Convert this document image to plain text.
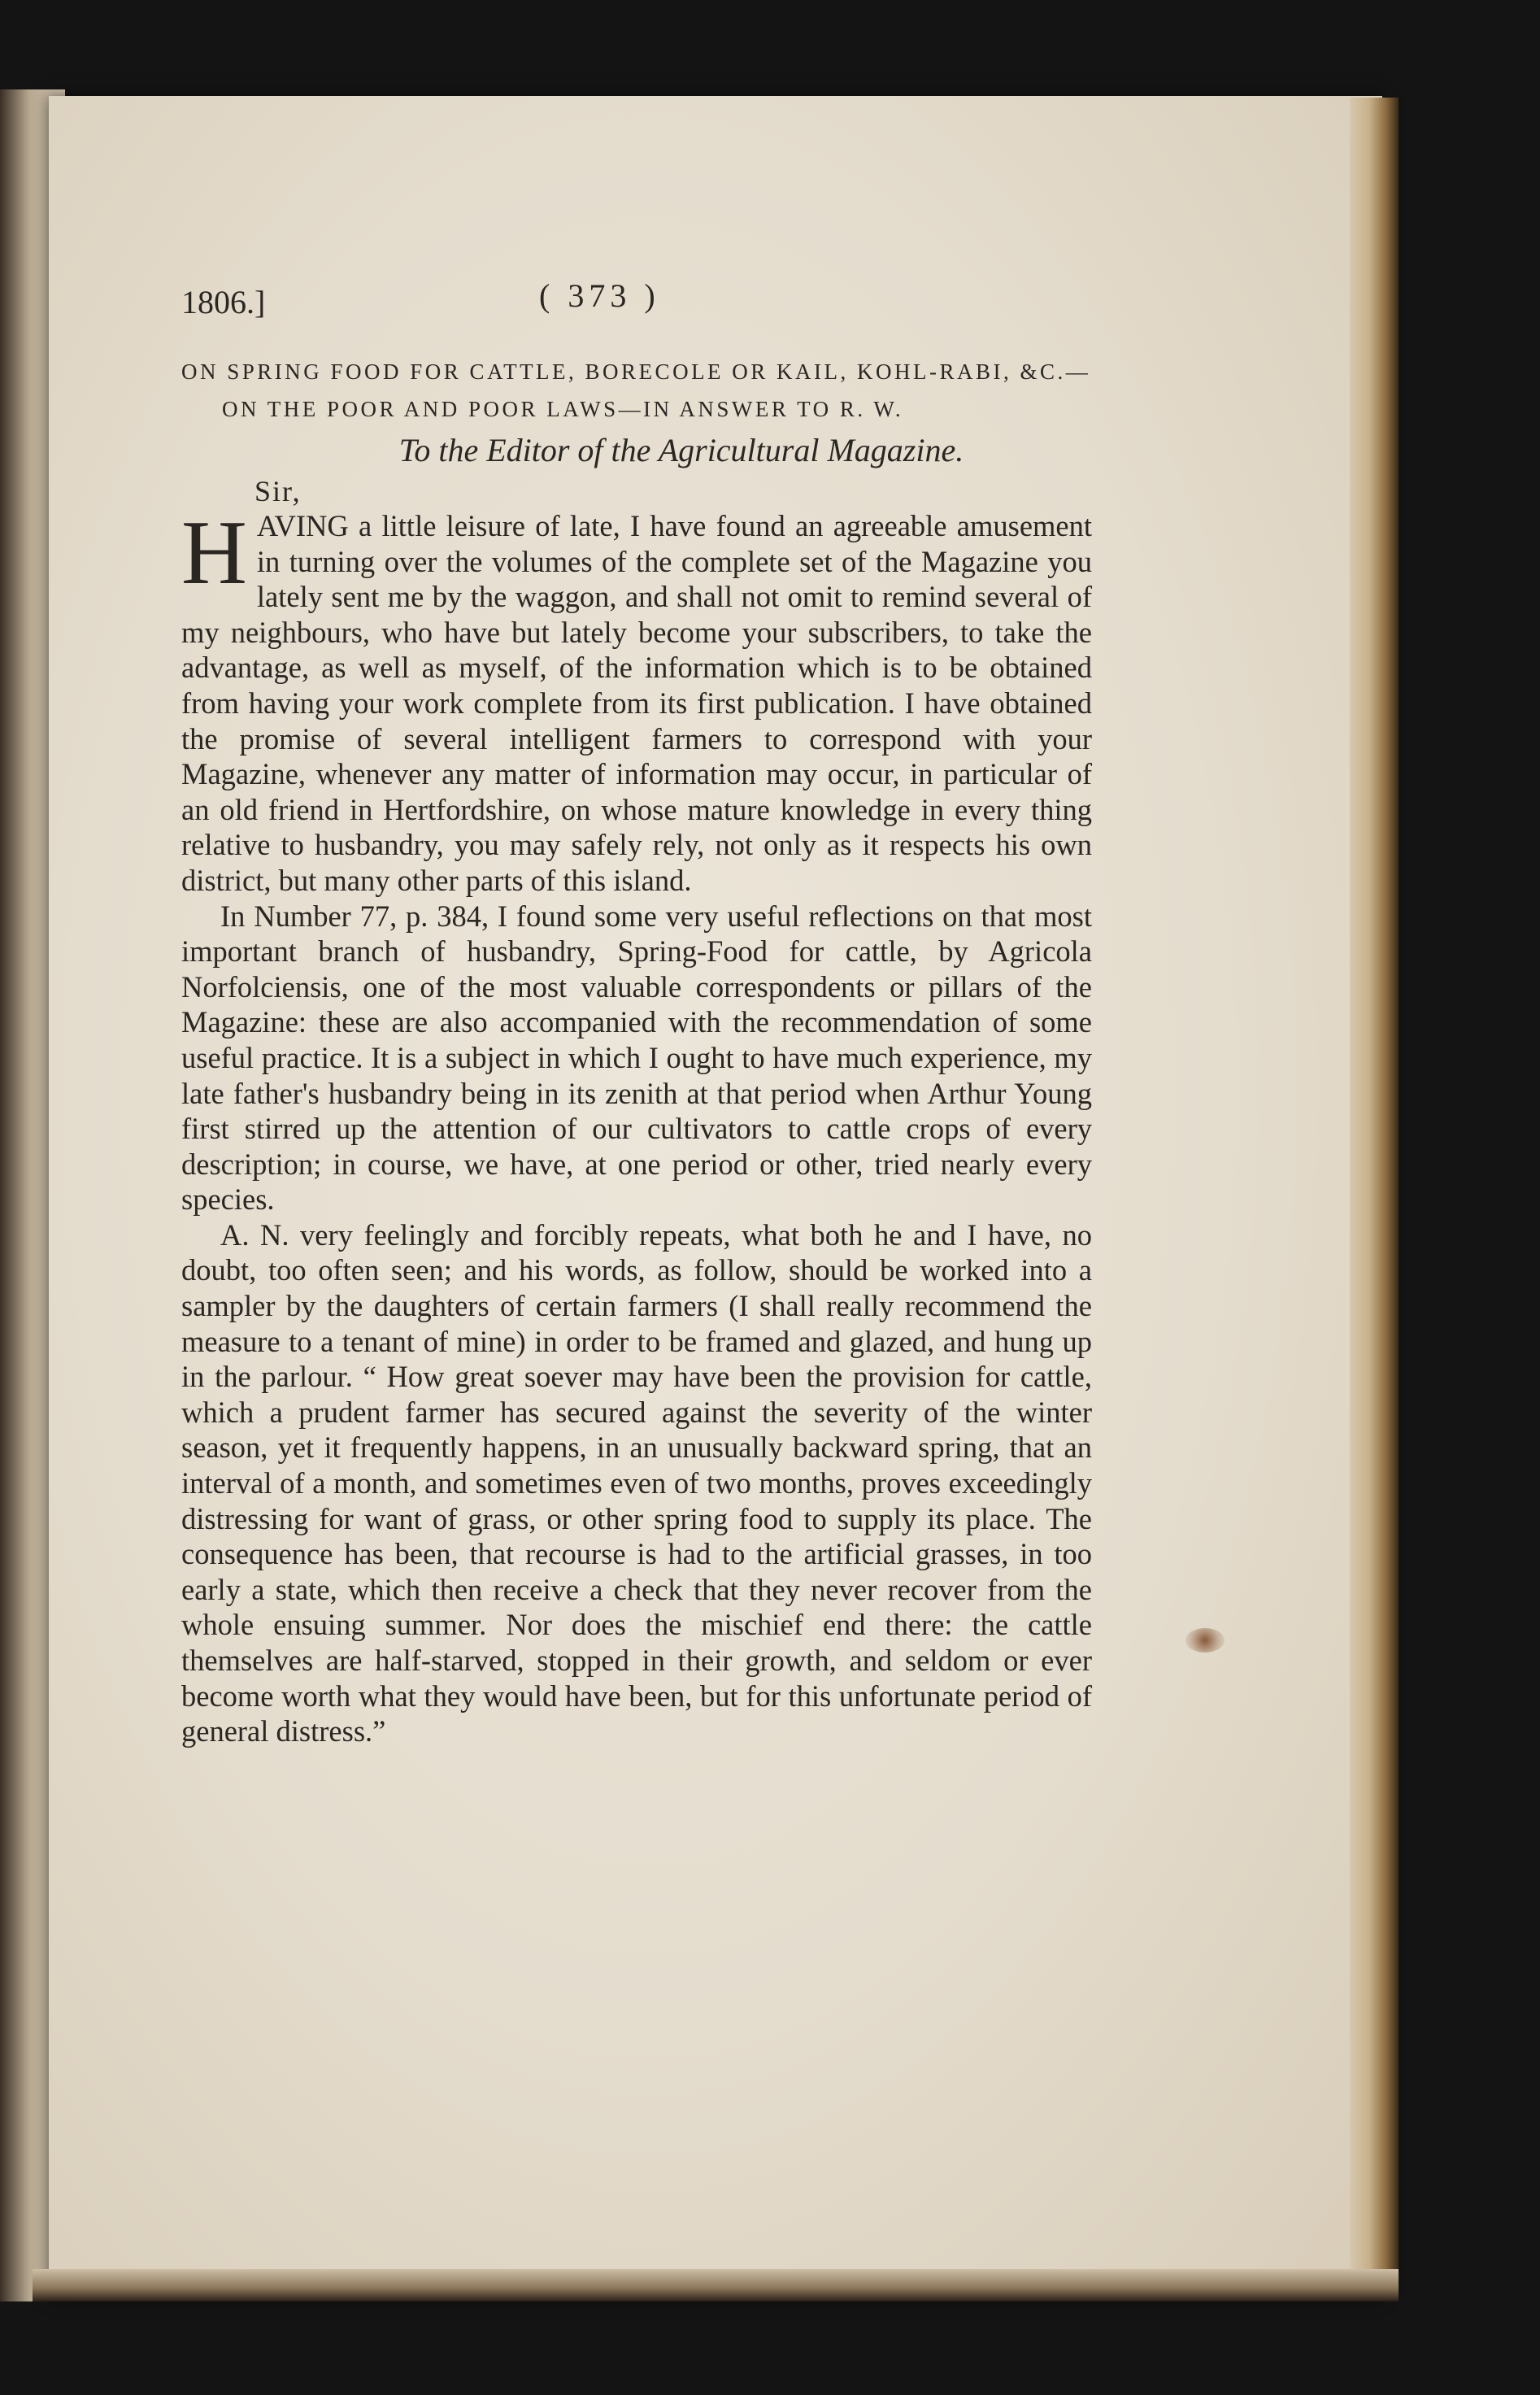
1806.]	( 373 )

ON SPRING FOOD FOR CATTLE, BORECOLE OR KAIL, KOHL-RABI, &C.—ON THE POOR AND POOR LAWS—IN ANSWER TO R. W.

To the Editor of the Agricultural Magazine.

Sir,

HAVING a little leisure of late, I have found an agreeable amusement in turning over the volumes of the complete set of the Magazine you lately sent me by the waggon, and shall not omit to remind several of my neighbours, who have but lately become your subscribers, to take the advantage, as well as myself, of the information which is to be obtained from having your work complete from its first publication. I have obtained the promise of several intelligent farmers to correspond with your Magazine, whenever any matter of information may occur, in particular of an old friend in Hertfordshire, on whose mature knowledge in every thing relative to husbandry, you may safely rely, not only as it respects his own district, but many other parts of this island.

In Number 77, p. 384, I found some very useful reflections on that most important branch of husbandry, Spring-Food for cattle, by Agricola Norfolciensis, one of the most valuable correspondents or pillars of the Magazine: these are also accompanied with the recommendation of some useful practice. It is a subject in which I ought to have much experience, my late father's husbandry being in its zenith at that period when Arthur Young first stirred up the attention of our cultivators to cattle crops of every description; in course, we have, at one period or other, tried nearly every species.

A. N. very feelingly and forcibly repeats, what both he and I have, no doubt, too often seen; and his words, as follow, should be worked into a sampler by the daughters of certain farmers (I shall really recommend the measure to a tenant of mine) in order to be framed and glazed, and hung up in the parlour. “ How great soever may have been the provision for cattle, which a prudent farmer has secured against the severity of the winter season, yet it frequently happens, in an unusually backward spring, that an interval of a month, and sometimes even of two months, proves exceedingly distressing for want of grass, or other spring food to supply its place. The consequence has been, that recourse is had to the artificial grasses, in too early a state, which then receive a check that they never recover from the whole ensuing summer. Nor does the mischief end there: the cattle themselves are half-starved, stopped in their growth, and seldom or ever become worth what they would have been, but for this unfortunate period of general distress.”
